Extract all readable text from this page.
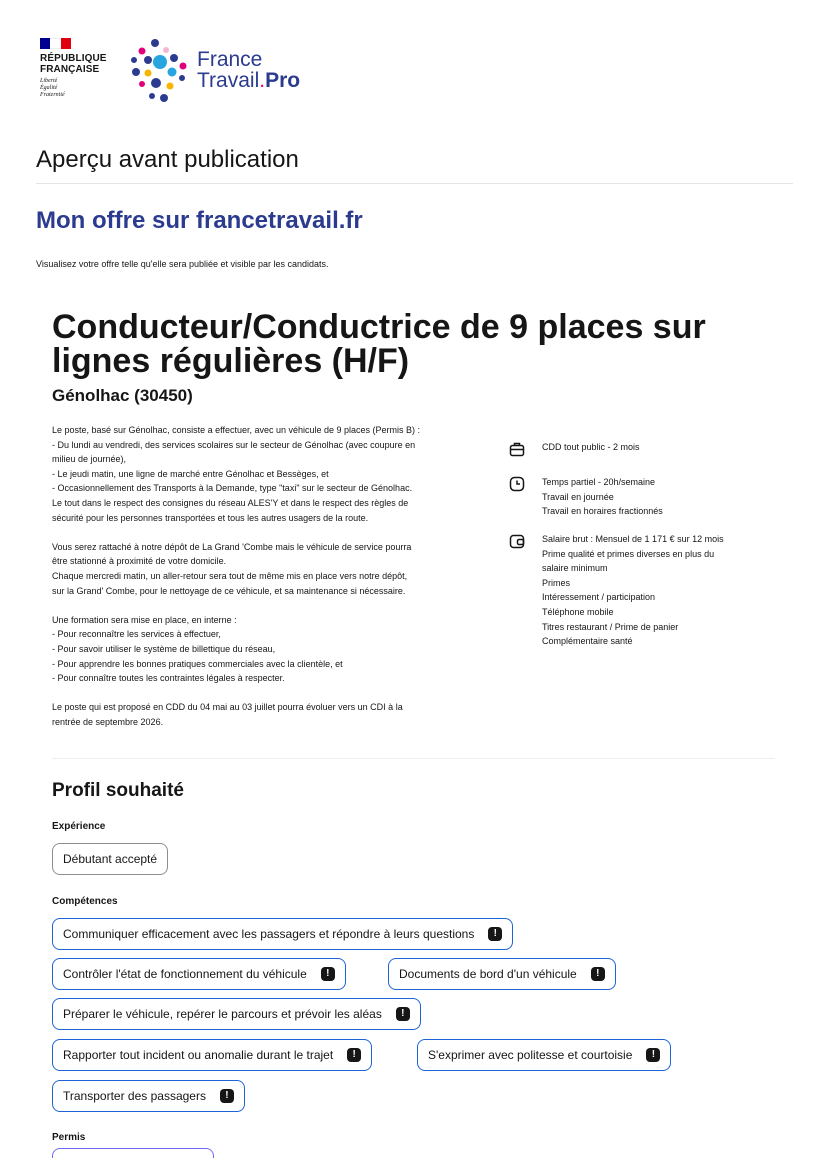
RÉPUBLIQUE
FRANÇAISE
Liberté
Égalité
Fraternité
France
Travail.Pro
Aperçu avant publication
Mon offre sur francetravail.fr
Visualisez votre offre telle qu'elle sera publiée et visible par les candidats.
Conducteur/Conductrice de 9 places sur lignes régulières (H/F)
Génolhac (30450)

Le poste, basé sur Génolhac, consiste a effectuer, avec un véhicule de 9 places (Permis B) :

- Du lundi au vendredi, des services scolaires sur le secteur de Génolhac (avec coupure en

milieu de journée),

- Le jeudi matin, une ligne de marché entre Génolhac et Bessèges, et

- Occasionnellement des Transports à la Demande, type "taxi" sur le secteur de Génolhac.

Le tout dans le respect des consignes du réseau ALES'Y et dans le respect des règles de

sécurité pour les personnes transportées et tous les autres usagers de la route.

Vous serez rattaché à notre dépôt de La Grand 'Combe mais le véhicule de service pourra

être stationné à proximité de votre domicile.

Chaque mercredi matin, un aller-retour sera tout de même mis en place vers notre dépôt,

sur la Grand' Combe, pour le nettoyage de ce véhicule, et sa maintenance si nécessaire.

Une formation sera mise en place, en interne :

- Pour reconnaître les services à effectuer,

- Pour savoir utiliser le système de billettique du réseau,

- Pour apprendre les bonnes pratiques commerciales avec la clientèle, et

- Pour connaître toutes les contraintes légales à respecter.

Le poste qui est proposé en CDD du 04 mai au 03 juillet pourra évoluer vers un CDI à la

rentrée de septembre 2026.

CDD tout public - 2 mois
Temps partiel - 20h/semaine
Travail en journée
Travail en horaires fractionnés
Salaire brut : Mensuel de 1 171 € sur 12 mois
Prime qualité et primes diverses en plus du
salaire minimum
Primes
Intéressement / participation
Téléphone mobile
Titres restaurant / Prime de panier
Complémentaire santé
Profil souhaité
Expérience
Débutant accepté
Compétences
Communiquer efficacement avec les passagers et répondre à leurs questions !
Contrôler l'état de fonctionnement du véhicule !	Documents de bord d'un véhicule !
Préparer le véhicule, repérer le parcours et prévoir les aléas !
Rapporter tout incident ou anomalie durant le trajet !	S'exprimer avec politesse et courtoisie !
Transporter des passagers !
Permis
